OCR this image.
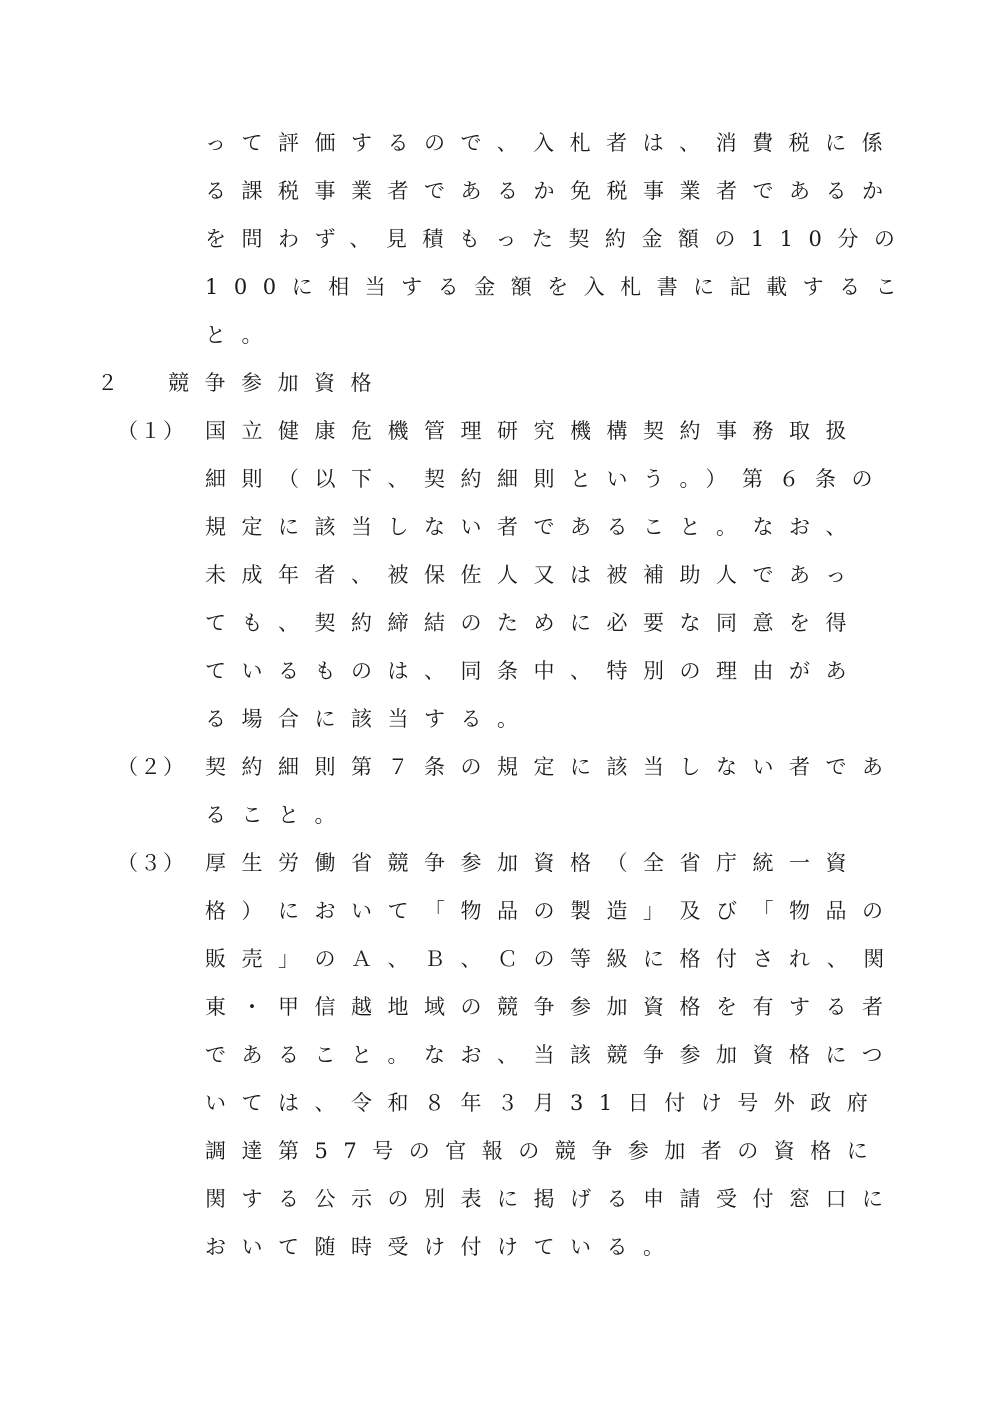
って評価するので、入札者は、消費税に係
る課税事業者であるか免税事業者であるか
を問わず、見積もった契約金額の110分の
100に相当する金額を入札書に記載するこ
と。
２ 競争参加資格
（１） 国立健康危機管理研究機構契約事務取扱
細則（以下、契約細則という。）第６条の
規定に該当しない者であること。なお、
未成年者、被保佐人又は被補助人であっ
ても、契約締結のために必要な同意を得
ているものは、同条中、特別の理由があ
る場合に該当する。
（２） 契約細則第７条の規定に該当しない者であ
ること。
（３） 厚生労働省競争参加資格（全省庁統一資
格）において「物品の製造」及び「物品の
販売」のＡ、Ｂ、Ｃの等級に格付され、関
東・甲信越地域の競争参加資格を有する者
であること。なお、当該競争参加資格につ
いては、令和８年３月31日付け号外政府
調達第57号の官報の競争参加者の資格に
関する公示の別表に掲げる申請受付窓口に
おいて随時受け付けている。
